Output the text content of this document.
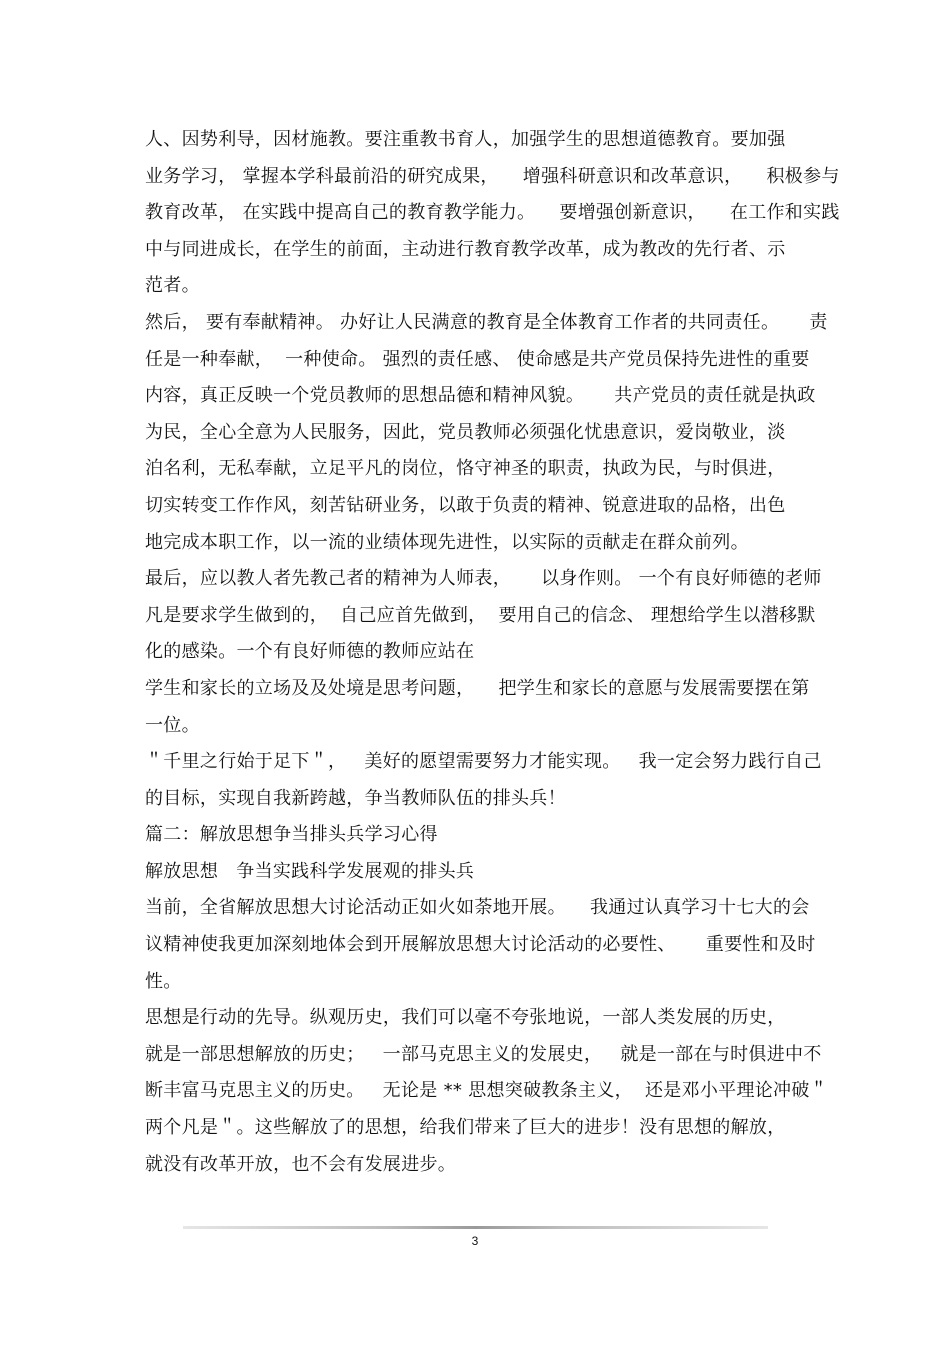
人、因势利导，因材施教。要注重教书育人，加强学生的思想道德教育。要加强
业务学习， 掌握本学科最前沿的研究成果，    增强科研意识和改革意识，    积极参与
教育改革， 在实践中提高自己的教育教学能力。    要增强创新意识，    在工作和实践
中与同进成长，在学生的前面，主动进行教育教学改革，成为教改的先行者、示
范者。
然后， 要有奉献精神。 办好让人民满意的教育是全体教育工作者的共同责任。     责
任是一种奉献，  一种使命。 强烈的责任感、 使命感是共产党员保持先进性的重要
内容，真正反映一个党员教师的思想品德和精神风貌。     共产党员的责任就是执政
为民，全心全意为人民服务，因此，党员教师必须强化忧患意识，爱岗敬业，淡
泊名利，无私奉献，立足平凡的岗位，恪守神圣的职责，执政为民，与时俱进，
切实转变工作作风，刻苦钻研业务，以敢于负责的精神、锐意进取的品格，出色
地完成本职工作，以一流的业绩体现先进性，以实际的贡献走在群众前列。
最后，应以教人者先教己者的精神为人师表，     以身作则。 一个有良好师德的老师
凡是要求学生做到的，  自己应首先做到，  要用自己的信念、 理想给学生以潜移默
化的感染。一个有良好师德的教师应站在
学生和家长的立场及及处境是思考问题，    把学生和家长的意愿与发展需要摆在第
一位。
＂千里之行始于足下＂，   美好的愿望需要努力才能实现。   我一定会努力践行自己
的目标，实现自我新跨越，争当教师队伍的排头兵！
篇二：解放思想争当排头兵学习心得
解放思想   争当实践科学发展观的排头兵
当前，全省解放思想大讨论活动正如火如荼地开展。    我通过认真学习十七大的会
议精神使我更加深刻地体会到开展解放思想大讨论活动的必要性、     重要性和及时
性。
思想是行动的先导。纵观历史，我们可以毫不夸张地说，一部人类发展的历史，
就是一部思想解放的历史；   一部马克思主义的发展史，   就是一部在与时俱进中不
断丰富马克思主义的历史。   无论是 ** 思想突破教条主义，  还是邓小平理论冲破＂
两个凡是＂。这些解放了的思想，给我们带来了巨大的进步！没有思想的解放，
就没有改革开放，也不会有发展进步。
3
